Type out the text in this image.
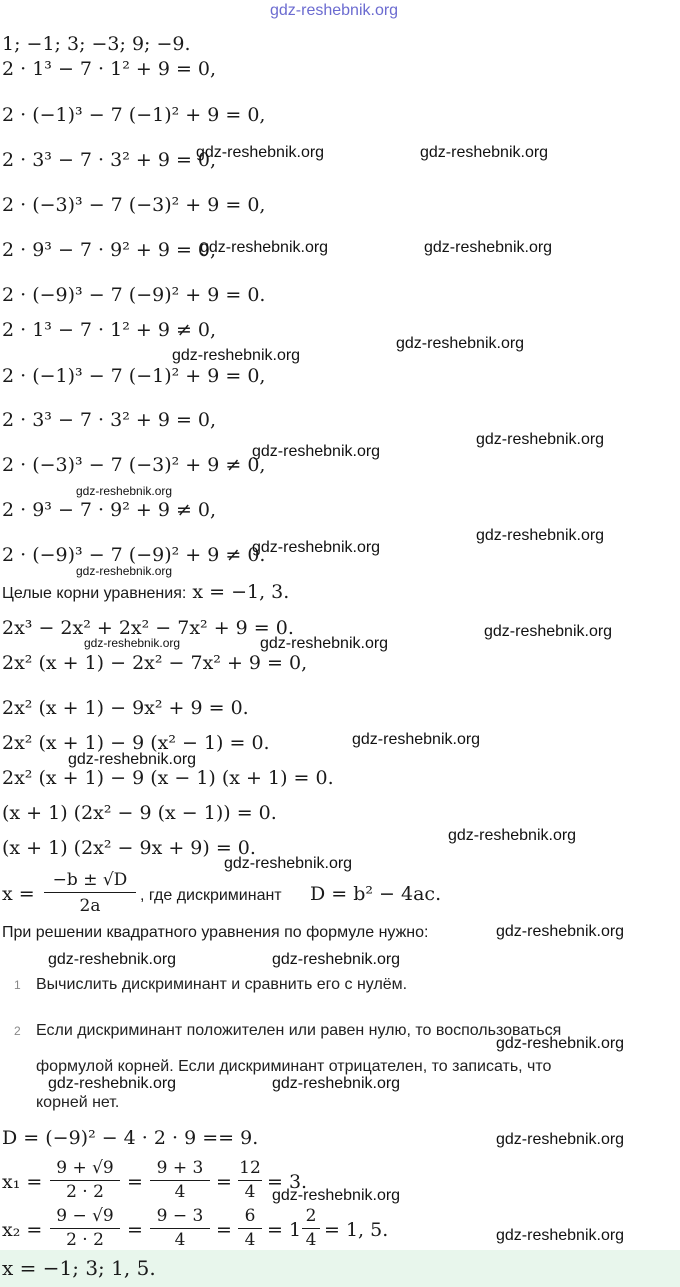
gdz-reshebnik.org
1; −1; 3; −3; 9; −9.
2 · 1³ − 7 · 1² + 9 = 0,
2 · (−1)³ − 7 (−1)² + 9 = 0,
2 · 3³ − 7 · 3² + 9 = 0,
2 · (−3)³ − 7 (−3)² + 9 = 0,
2 · 9³ − 7 · 9² + 9 = 0,
2 · (−9)³ − 7 (−9)² + 9 = 0.
2 · 1³ − 7 · 1² + 9 ≠ 0,
2 · (−1)³ − 7 (−1)² + 9 = 0,
2 · 3³ − 7 · 3² + 9 = 0,
2 · (−3)³ − 7 (−3)² + 9 ≠ 0,
2 · 9³ − 7 · 9² + 9 ≠ 0,
2 · (−9)³ − 7 (−9)² + 9 ≠ 0.
Целые корни уравнения: x = −1, 3.
2x³ − 2x² + 2x² − 7x² + 9 = 0.
2x² (x + 1) − 2x² − 7x² + 9 = 0,
2x² (x + 1) − 9x² + 9 = 0.
2x² (x + 1) − 9 (x² − 1) = 0.
2x² (x + 1) − 9 (x − 1) (x + 1) = 0.
(x + 1) (2x² − 9 (x − 1)) = 0.
(x + 1) (2x² − 9x + 9) = 0.
x =
−b ± √D
2a
, где дискриминант D = b² − 4ac.
При решении квадратного уравнения по формуле нужно:
1 Вычислить дискриминант и сравнить его с нулём.
2 Если дискриминант положителен или равен нулю, то воспользоваться
формулой корней. Если дискриминант отрицателен, то записать, что
корней нет.
D = (−9)² − 4 · 2 · 9 == 9.
x₁ =
9 + √9
2 · 2	=
9 + 3
4	=
12
4 = 3.
x₂ =
9 − √9
2 · 2	=
9 − 3
4	=
6
4 = 1
2
4 = 1, 5.
x = −1; 3; 1, 5.
gdz-reshebnik.org	gdz-reshebnik.org
gdz-reshebnik.org	gdz-reshebnik.org
gdz-reshebnik.org
gdz-reshebnik.org
gdz-reshebnik.org
gdz-reshebnik.org
gdz-reshebnik.org
gdz-reshebnik.org
gdz-reshebnik.org
gdz-reshebnik.org
gdz-reshebnik.org	gdz-reshebnik.org
gdz-reshebnik.org
gdz-reshebnik.org
gdz-reshebnik.org
gdz-reshebnik.org
gdz-reshebnik.org
gdz-reshebnik.org
gdz-reshebnik.org	gdz-reshebnik.org
gdz-reshebnik.org
gdz-reshebnik.org	gdz-reshebnik.org
gdz-reshebnik.org
gdz-reshebnik.org
gdz-reshebnik.org
